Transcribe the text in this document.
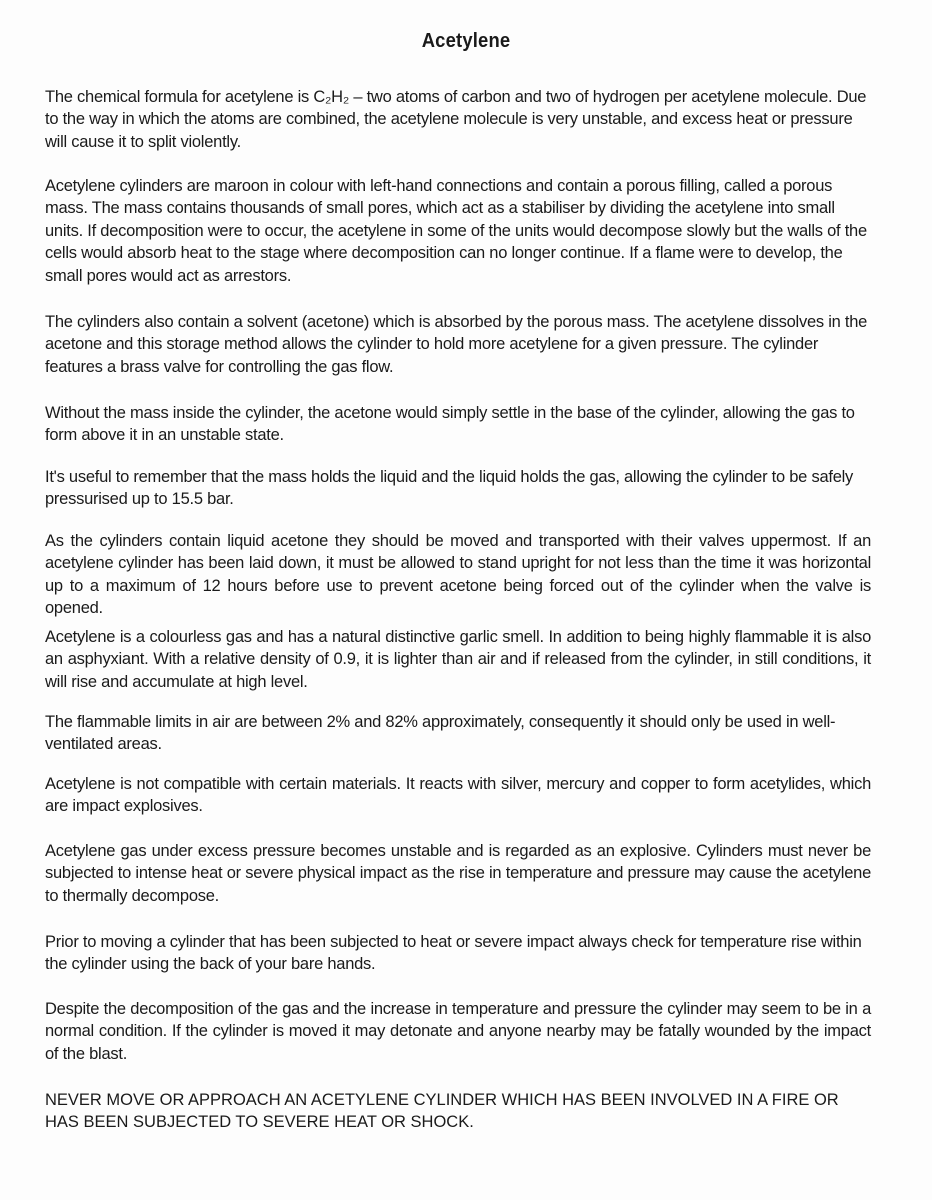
Acetylene

The chemical formula for acetylene is C₂H₂ – two atoms of carbon and two of hydrogen per acetylene molecule. Due to the way in which the atoms are combined, the acetylene molecule is very unstable, and excess heat or pressure will cause it to split violently.

Acetylene cylinders are maroon in colour with left-hand connections and contain a porous filling, called a porous mass. The mass contains thousands of small pores, which act as a stabiliser by dividing the acetylene into small units. If decomposition were to occur, the acetylene in some of the units would decompose slowly but the walls of the cells would absorb heat to the stage where decomposition can no longer continue. If a flame were to develop, the small pores would act as arrestors.

The cylinders also contain a solvent (acetone) which is absorbed by the porous mass. The acetylene dissolves in the acetone and this storage method allows the cylinder to hold more acetylene for a given pressure. The cylinder features a brass valve for controlling the gas flow.

Without the mass inside the cylinder, the acetone would simply settle in the base of the cylinder, allowing the gas to form above it in an unstable state.

It's useful to remember that the mass holds the liquid and the liquid holds the gas, allowing the cylinder to be safely pressurised up to 15.5 bar.

As the cylinders contain liquid acetone they should be moved and transported with their valves uppermost. If an acetylene cylinder has been laid down, it must be allowed to stand upright for not less than the time it was horizontal up to a maximum of 12 hours before use to prevent acetone being forced out of the cylinder when the valve is opened.

Acetylene is a colourless gas and has a natural distinctive garlic smell. In addition to being highly flammable it is also an asphyxiant. With a relative density of 0.9, it is lighter than air and if released from the cylinder, in still conditions, it will rise and accumulate at high level.

The flammable limits in air are between 2% and 82% approximately, consequently it should only be used in well-ventilated areas.

Acetylene is not compatible with certain materials. It reacts with silver, mercury and copper to form acetylides, which are impact explosives.

Acetylene gas under excess pressure becomes unstable and is regarded as an explosive. Cylinders must never be subjected to intense heat or severe physical impact as the rise in temperature and pressure may cause the acetylene to thermally decompose.

Prior to moving a cylinder that has been subjected to heat or severe impact always check for temperature rise within the cylinder using the back of your bare hands.

Despite the decomposition of the gas and the increase in temperature and pressure the cylinder may seem to be in a normal condition. If the cylinder is moved it may detonate and anyone nearby may be fatally wounded by the impact of the blast.

NEVER MOVE OR APPROACH AN ACETYLENE CYLINDER WHICH HAS BEEN INVOLVED IN A FIRE OR HAS BEEN SUBJECTED TO SEVERE HEAT OR SHOCK.
